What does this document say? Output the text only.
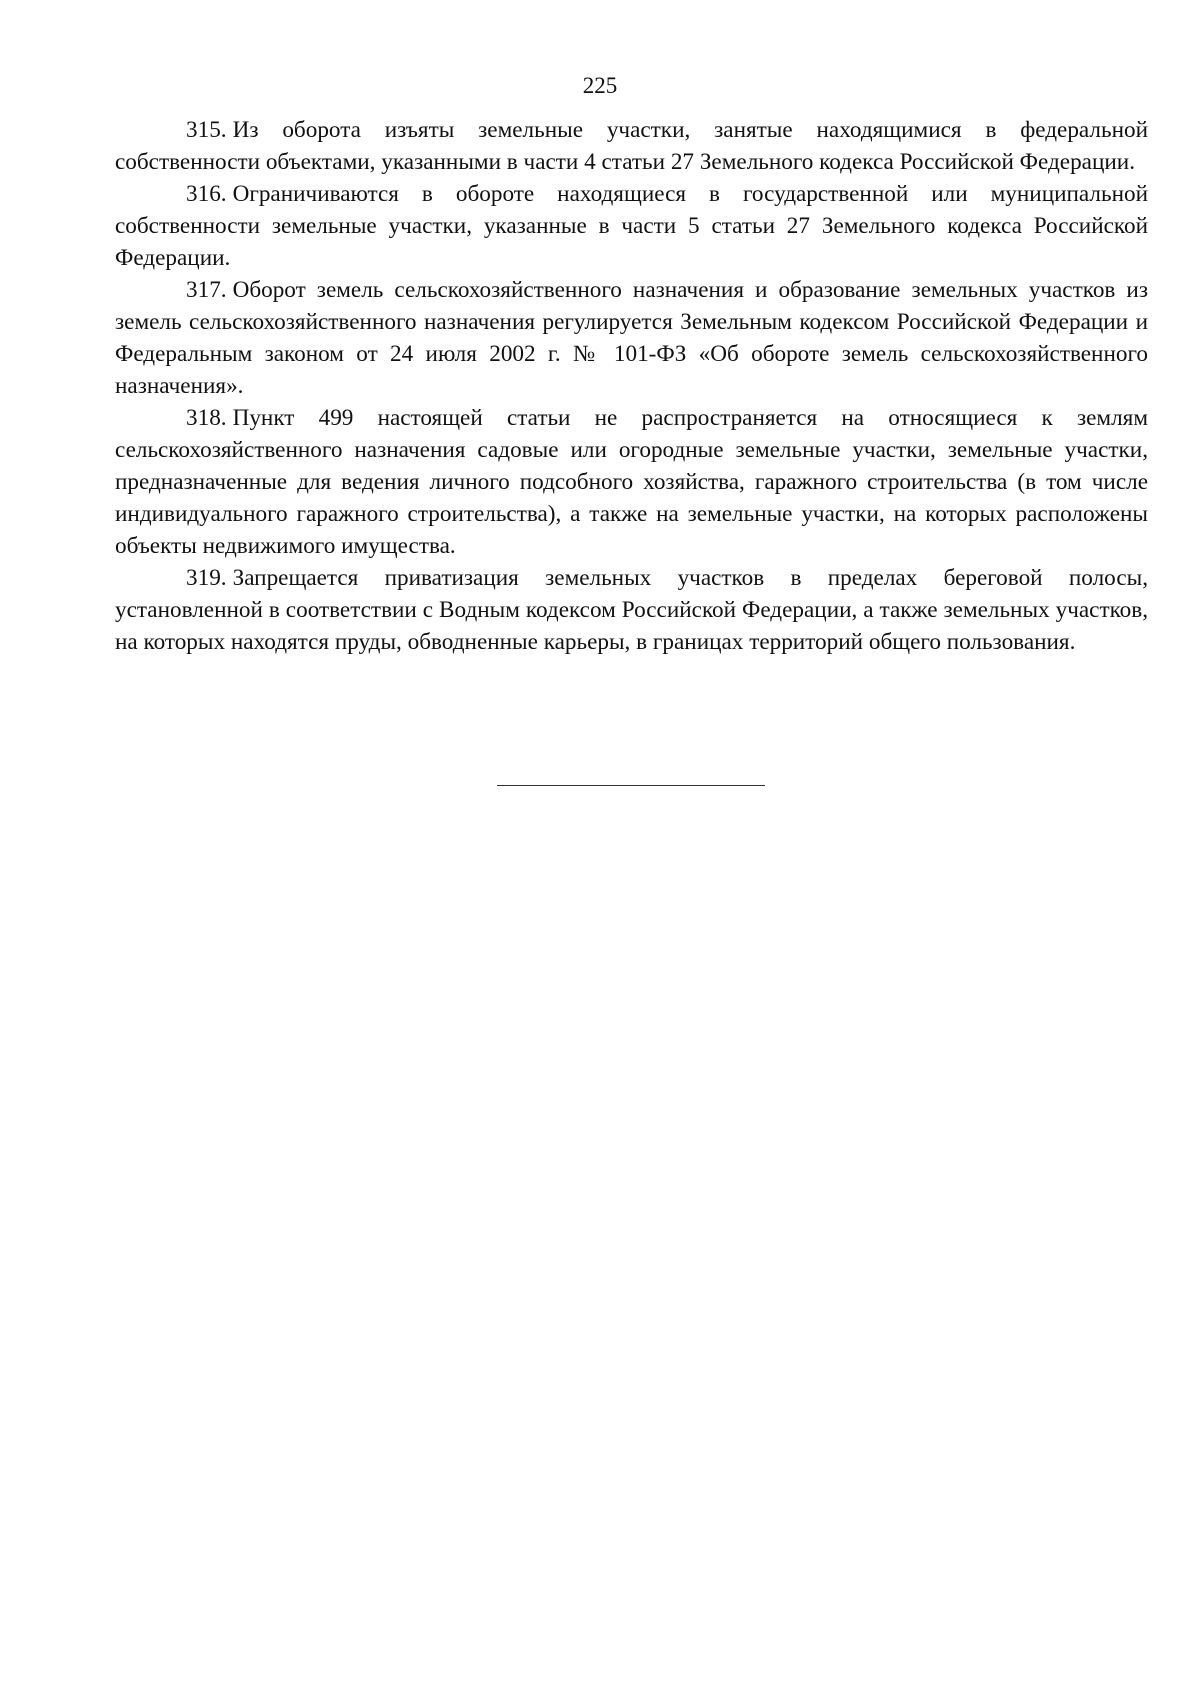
225

315. Из оборота изъяты земельные участки, занятые находящимися в федеральной собственности объектами, указанными в части 4 статьи 27 Земельного кодекса Российской Федерации.

316. Ограничиваются в обороте находящиеся в государственной или муниципальной собственности земельные участки, указанные в части 5 статьи 27 Земельного кодекса Российской Федерации.

317. Оборот земель сельскохозяйственного назначения и образование земельных участков из земель сельскохозяйственного назначения регулируется Земельным кодексом Российской Федерации и Федеральным законом от 24 июля 2002 г. № 101-ФЗ «Об обороте земель сельскохозяйственного назначения».

318. Пункт 499 настоящей статьи не распространяется на относящиеся к землям сельскохозяйственного назначения садовые или огородные земельные участки, земельные участки, предназначенные для ведения личного подсобного хозяйства, гаражного строительства (в том числе индивидуального гаражного строительства), а также на земельные участки, на которых расположены объекты недвижимого имущества.

319. Запрещается приватизация земельных участков в пределах береговой полосы, установленной в соответствии с Водным кодексом Российской Федерации, а также земельных участков, на которых находятся пруды, обводненные карьеры, в границах территорий общего пользования.
